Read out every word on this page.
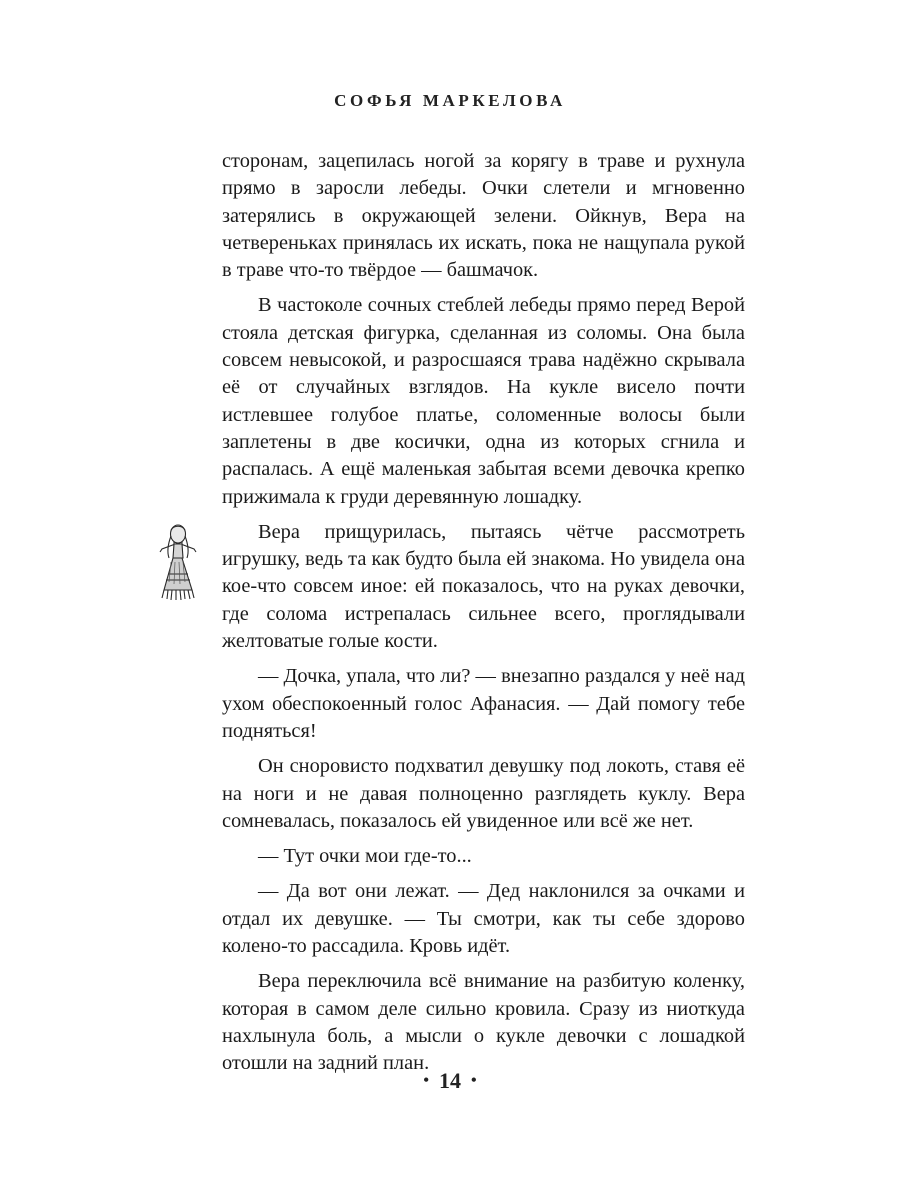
СОФЬЯ МАРКЕЛОВА

сторонам, зацепилась ногой за корягу в траве и рухнула прямо в заросли лебеды. Очки слетели и мгновенно затерялись в окружающей зелени. Ойкнув, Вера на четвереньках принялась их искать, пока не нащупала рукой в траве что-то твёрдое — башмачок.

В частоколе сочных стеблей лебеды прямо перед Верой стояла детская фигурка, сделанная из соломы. Она была совсем невысокой, и разросшаяся трава надёжно скрывала её от случайных взглядов. На кукле висело почти истлевшее голубое платье, соломенные волосы были заплетены в две косички, одна из которых сгнила и распалась. А ещё маленькая забытая всеми девочка крепко прижимала к груди деревянную лошадку.

Вера прищурилась, пытаясь чётче рассмотреть игрушку, ведь та как будто была ей знакома. Но увидела она кое-что совсем иное: ей показалось, что на руках девочки, где солома истрепалась сильнее всего, проглядывали желтоватые голые кости.

— Дочка, упала, что ли? — внезапно раздался у неё над ухом обеспокоенный голос Афанасия. — Дай помогу тебе подняться!

Он сноровисто подхватил девушку под локоть, ставя её на ноги и не давая полноценно разглядеть куклу. Вера сомневалась, показалось ей увиденное или всё же нет.

— Тут очки мои где-то...

— Да вот они лежат. — Дед наклонился за очками и отдал их девушке. — Ты смотри, как ты себе здорово колено-то рассадила. Кровь идёт.

Вера переключила всё внимание на разбитую коленку, которая в самом деле сильно кровила. Сразу из ниоткуда нахлынула боль, а мысли о кукле девочки с лошадкой отошли на задний план.

• 14 •
